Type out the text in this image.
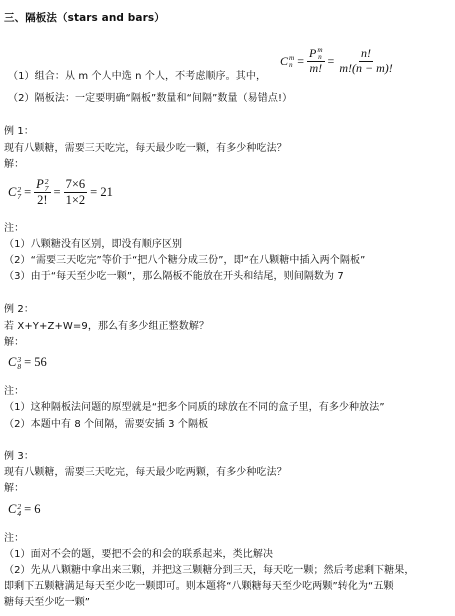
三、隔板法（stars and bars）
（1）组合：从 m 个人中选 n 个人，不考虑顺序。其中，
C m
n = P m
n
m! = $\frac{n!}{m!(n - m)!}$
（2）隔板法：一定要明确“隔板”数量和“间隔”数量（易错点!）
例 1：
现有八颗糖，需要三天吃完，每天最少吃一颗，有多少种吃法？
解：
C 2
7 = P 2
7
2! = $\frac{7\times 6}{1\times 2} = 21$
注：
（1）八颗糖没有区别，即没有顺序区别
（2）“需要三天吃完”等价于“把八个糖分成三份”，即“在八颗糖中插入两个隔板”
（3）由于“每天至少吃一颗”，那么隔板不能放在开头和结尾，则间隔数为 7
例 2：
若 X+Y+Z+W=9，那么有多少组正整数解？
解：
C 3
8 = 56
注：
（1）这种隔板法问题的原型就是“把多个同质的球放在不同的盒子里，有多少种放法”
（2）本题中有 8 个间隔，需要安插 3 个隔板
例 3：
现有八颗糖，需要三天吃完，每天最少吃两颗，有多少种吃法？
解：
C 2
4 = 6
注：
（1）面对不会的题，要把不会的和会的联系起来，类比解决
（2）先从八颗糖中拿出来三颗，并把这三颗糖分到三天，每天吃一颗；然后考虑剩下糖果，
即剩下五颗糖满足每天至少吃一颗即可。则本题将“八颗糖每天至少吃两颗”转化为“五颗
糖每天至少吃一颗”
